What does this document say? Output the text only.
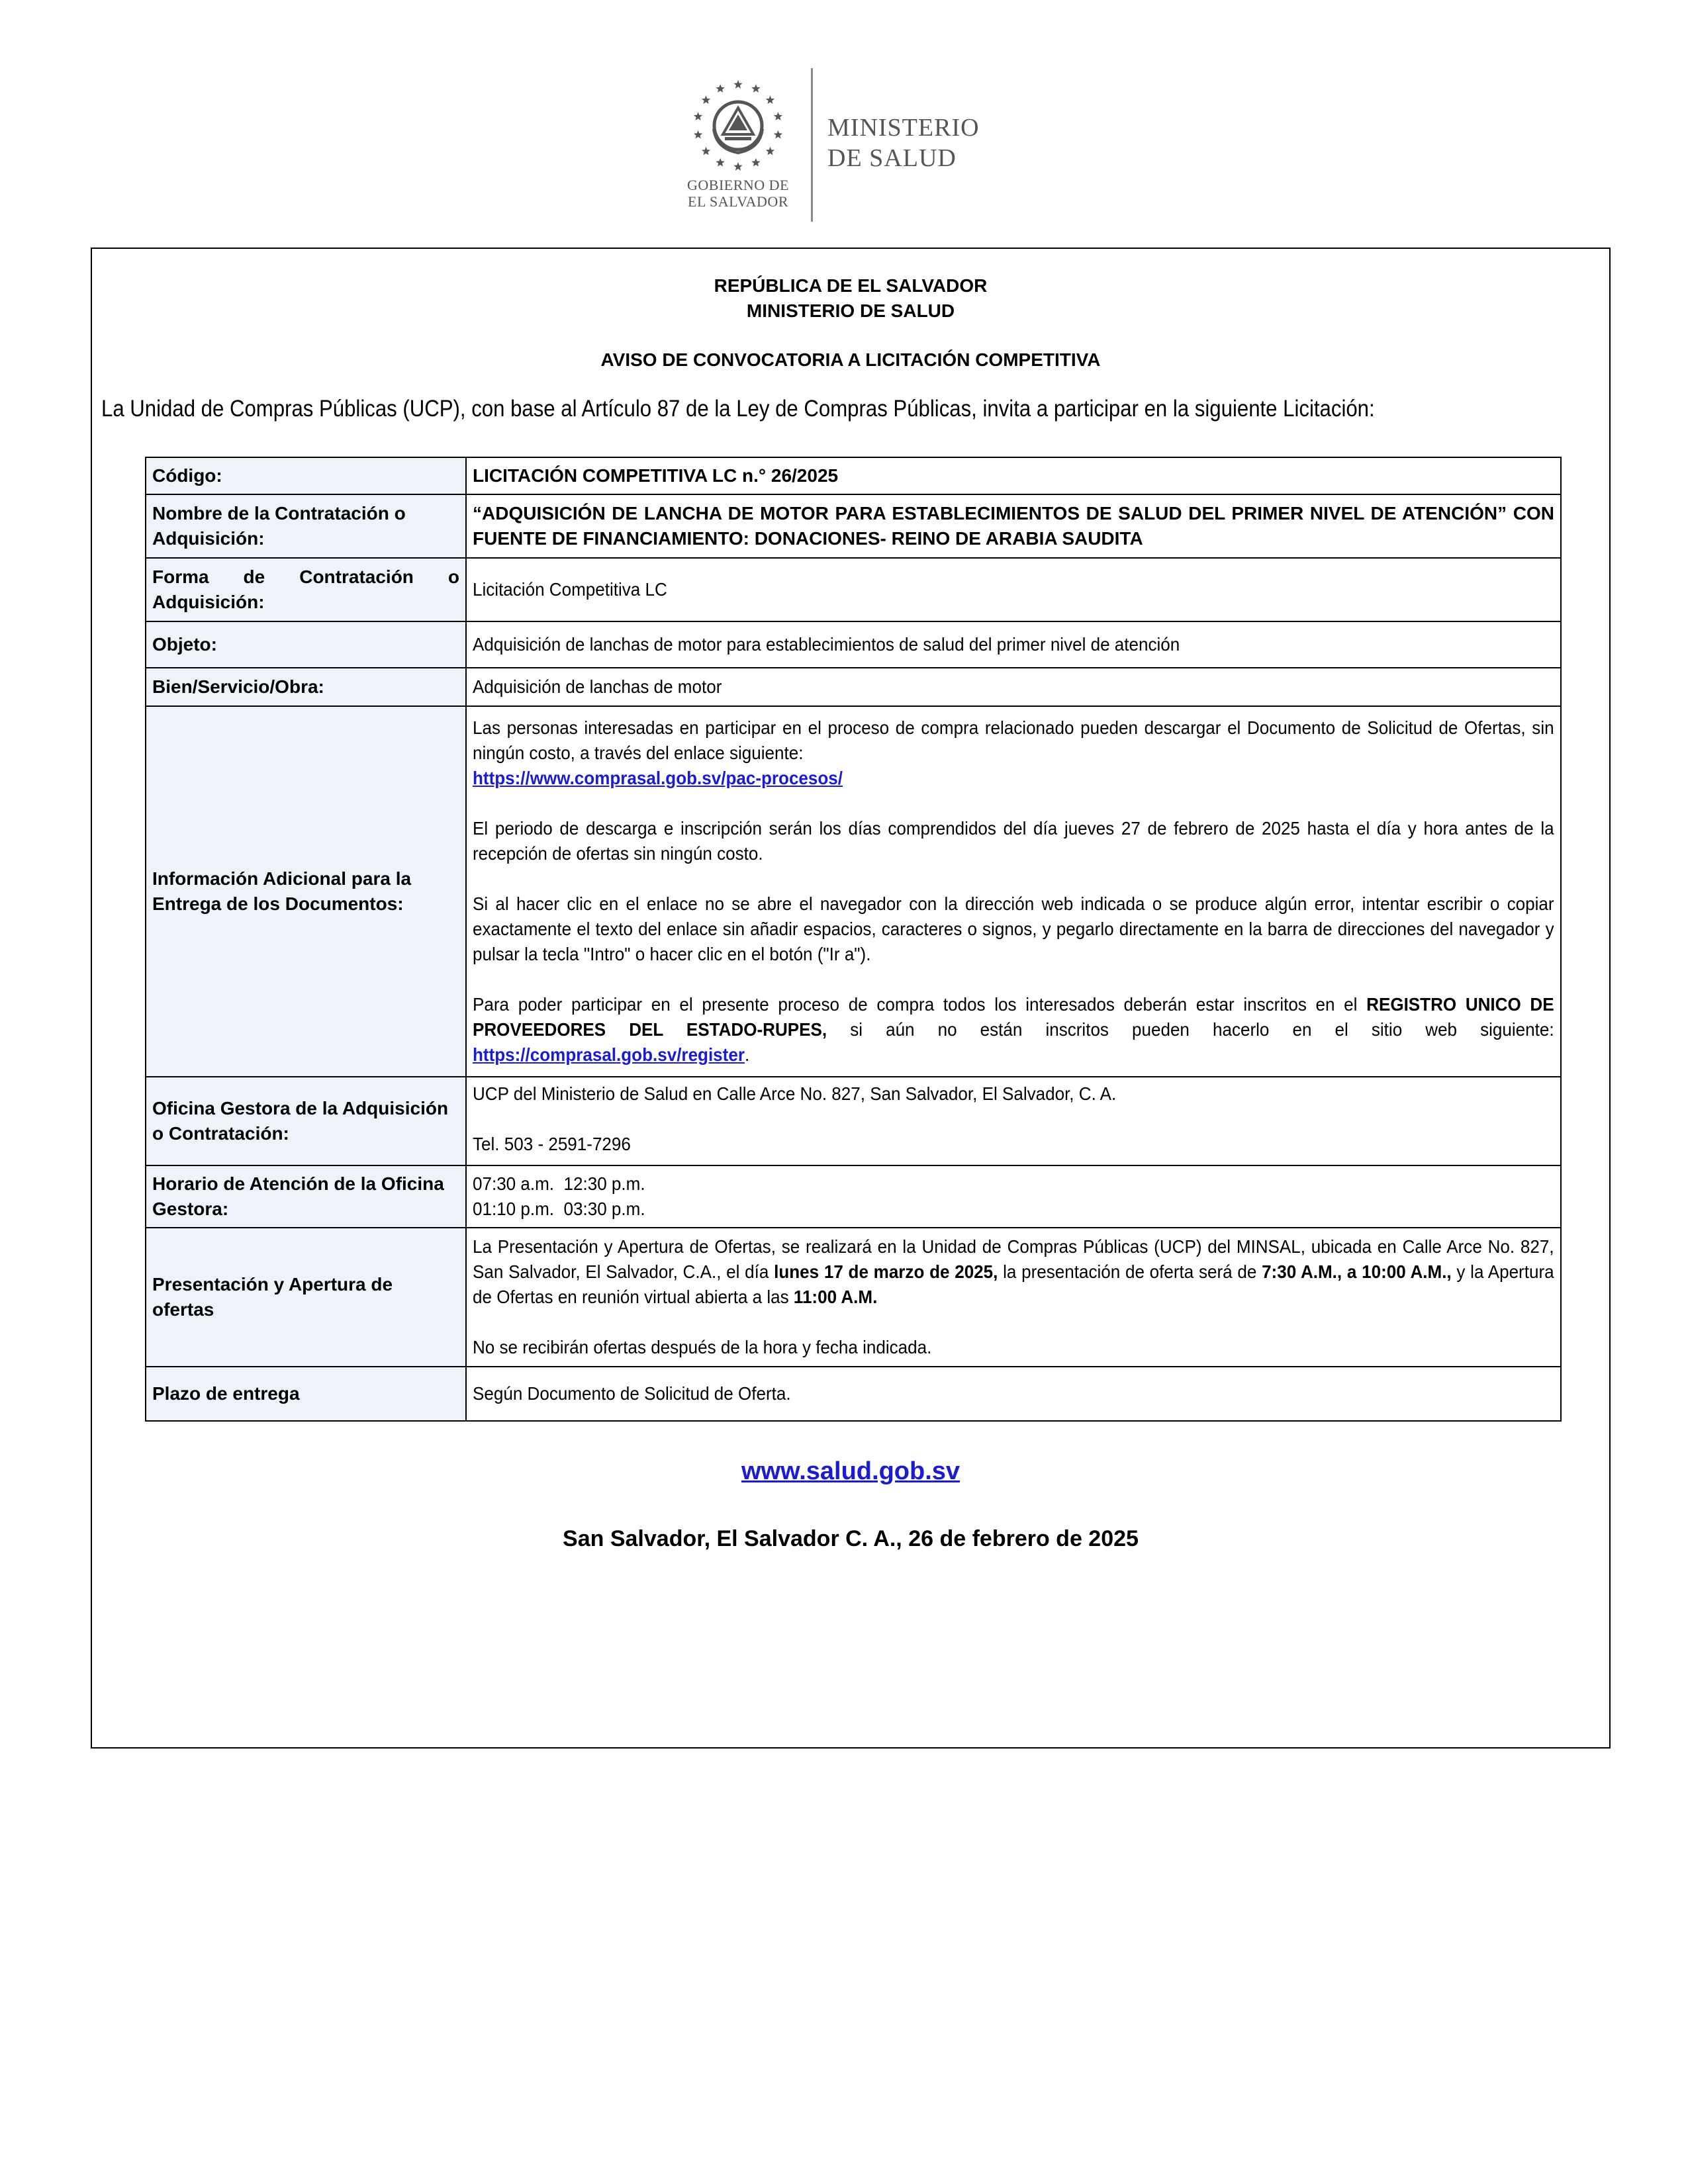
GOBIERNO DE
EL SALVADOR
MINISTERIO
DE SALUD
REPÚBLICA DE EL SALVADOR
MINISTERIO DE SALUD
AVISO DE CONVOCATORIA A LICITACIÓN COMPETITIVA
La Unidad de Compras Públicas (UCP), con base al Artículo 87 de la Ley de Compras Públicas, invita a participar en la siguiente Licitación:
Código:	LICITACIÓN COMPETITIVA LC n.° 26/2025
Nombre de la Contratación o Adquisición:	“ADQUISICIÓN DE LANCHA DE MOTOR PARA ESTABLECIMIENTOS DE SALUD DEL PRIMER NIVEL DE ATENCIÓN” CON FUENTE DE FINANCIAMIENTO: DONACIONES- REINO DE ARABIA SAUDITA
Forma de Contratación o Adquisición:	Licitación Competitiva LC

Objeto:	Adquisición de lanchas de motor para establecimientos de salud del primer nivel de atención

Bien/Servicio/Obra:	Adquisición de lanchas de motor

Información Adicional para la Entrega de los Documentos:	Las personas interesadas en participar en el proceso de compra relacionado pueden descargar el Documento de Solicitud de Ofertas, sin ningún costo, a través del enlace siguiente:
https://www.comprasal.gob.sv/pac-procesos/
El periodo de descarga e inscripción serán los días comprendidos del día jueves 27 de febrero de 2025 hasta el día y hora antes de la recepción de ofertas sin ningún costo.
Si al hacer clic en el enlace no se abre el navegador con la dirección web indicada o se produce algún error, intentar escribir o copiar exactamente el texto del enlace sin añadir espacios, caracteres o signos, y pegarlo directamente en la barra de direcciones del navegador y pulsar la tecla "Intro" o hacer clic en el botón ("Ir a").
Para poder participar en el presente proceso de compra todos los interesados deberán estar inscritos en el REGISTRO UNICO DE PROVEEDORES DEL ESTADO-RUPES, si aún no están inscritos pueden hacerlo en el sitio web siguiente: https://comprasal.gob.sv/register.

Oficina Gestora de la Adquisición o Contratación:	UCP del Ministerio de Salud en Calle Arce No. 827, San Salvador, El Salvador, C. A.
Tel. 503 - 2591-7296

Horario de Atención de la Oficina Gestora:	07:30 a.m.  12:30 p.m.
01:10 p.m.  03:30 p.m.

Presentación y Apertura de ofertas	La Presentación y Apertura de Ofertas, se realizará en la Unidad de Compras Públicas (UCP) del MINSAL, ubicada en Calle Arce No. 827, San Salvador, El Salvador, C.A., el día lunes 17 de marzo de 2025, la presentación de oferta será de 7:30 A.M., a 10:00 A.M., y la Apertura de Ofertas en reunión virtual abierta a las 11:00 A.M.
No se recibirán ofertas después de la hora y fecha indicada.

Plazo de entrega	Según Documento de Solicitud de Oferta.
www.salud.gob.sv
San Salvador, El Salvador C. A., 26 de febrero de 2025
